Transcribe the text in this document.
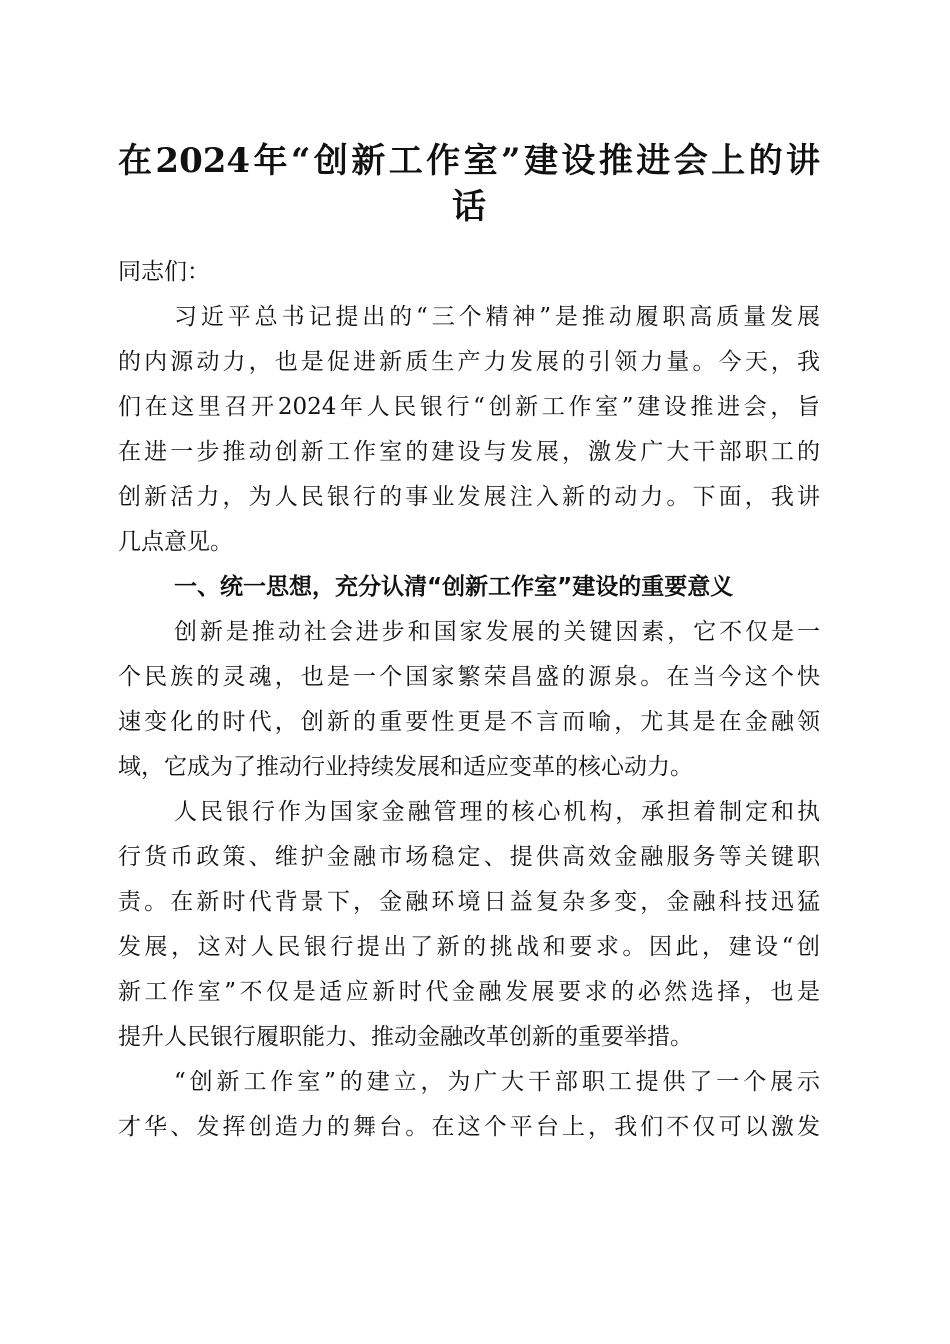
在2024年“创新工作室”建设推进会上的讲
话
同志们：
习近平总书记提出的“三个精神”是推动履职高质量发展
的内源动力，也是促进新质生产力发展的引领力量。今天，我
们在这里召开2024年人民银行“创新工作室”建设推进会，旨
在进一步推动创新工作室的建设与发展，激发广大干部职工的
创新活力，为人民银行的事业发展注入新的动力。下面，我讲
几点意见。
一、统一思想，充分认清“创新工作室”建设的重要意义
创新是推动社会进步和国家发展的关键因素，它不仅是一
个民族的灵魂，也是一个国家繁荣昌盛的源泉。在当今这个快
速变化的时代，创新的重要性更是不言而喻，尤其是在金融领
域，它成为了推动行业持续发展和适应变革的核心动力。
人民银行作为国家金融管理的核心机构，承担着制定和执
行货币政策、维护金融市场稳定、提供高效金融服务等关键职
责。在新时代背景下，金融环境日益复杂多变，金融科技迅猛
发展，这对人民银行提出了新的挑战和要求。因此，建设“创
新工作室”不仅是适应新时代金融发展要求的必然选择，也是
提升人民银行履职能力、推动金融改革创新的重要举措。
“创新工作室”的建立，为广大干部职工提供了一个展示
才华、发挥创造力的舞台。在这个平台上，我们不仅可以激发
